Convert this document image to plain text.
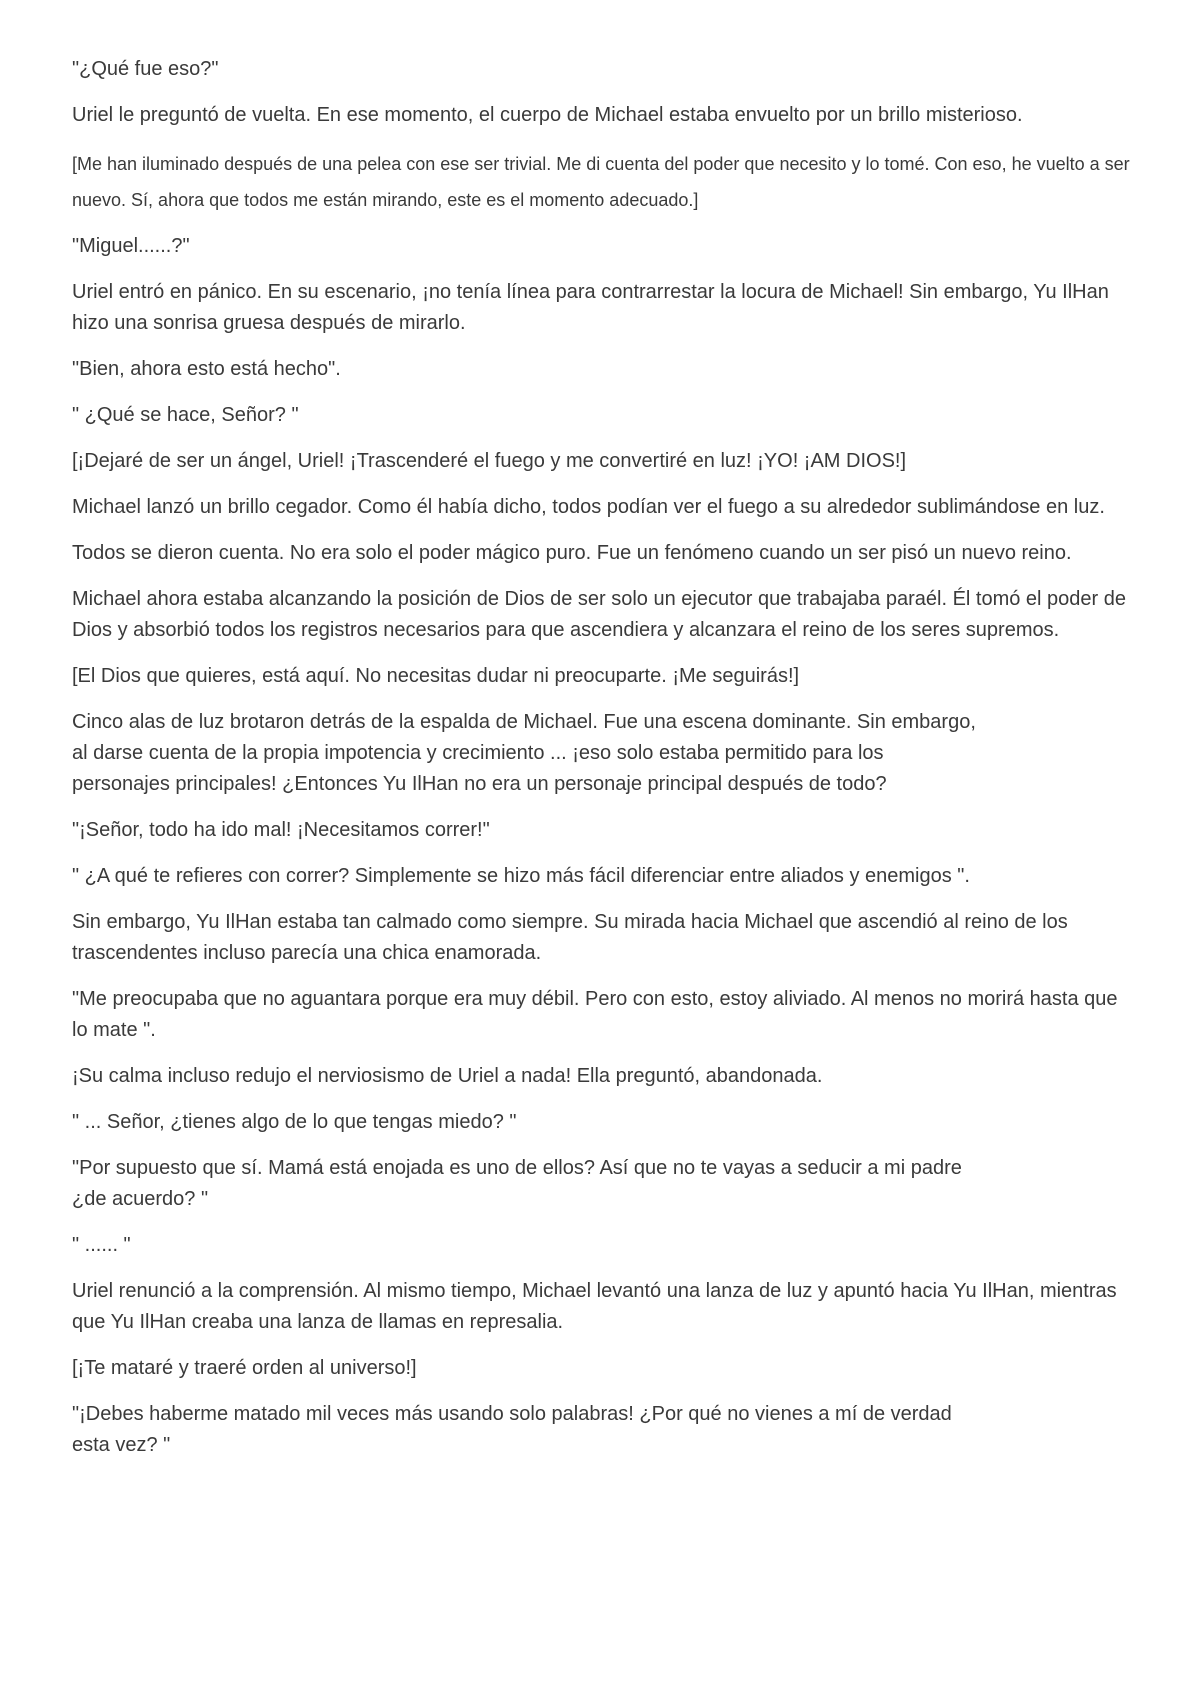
"¿Qué fue eso?"

Uriel le preguntó de vuelta. En ese momento, el cuerpo de Michael estaba envuelto por un brillo misterioso.

[Me han iluminado después de una pelea con ese ser trivial. Me di cuenta del poder que necesito y lo tomé. Con eso, he vuelto a ser nuevo. Sí, ahora que todos me están mirando, este es el momento adecuado.]

"Miguel......?"

Uriel entró en pánico. En su escenario, ¡no tenía línea para contrarrestar la locura de Michael! Sin embargo, Yu IlHan hizo una sonrisa gruesa después de mirarlo.

"Bien, ahora esto está hecho".

" ¿Qué se hace, Señor? "

[¡Dejaré de ser un ángel, Uriel! ¡Trascenderé el fuego y me convertiré en luz! ¡YO! ¡AM DIOS!]

Michael lanzó un brillo cegador. Como él había dicho, todos podían ver el fuego a su alrededor sublimándose en luz.

Todos se dieron cuenta. No era solo el poder mágico puro. Fue un fenómeno cuando un ser pisó un nuevo reino.

Michael ahora estaba alcanzando la posición de Dios de ser solo un ejecutor que trabajaba paraél. Él tomó el poder de Dios y absorbió todos los registros necesarios para que ascendiera y alcanzara el reino de los seres supremos.

[El Dios que quieres, está aquí. No necesitas dudar ni preocuparte. ¡Me seguirás!]

Cinco alas de luz brotaron detrás de la espalda de Michael. Fue una escena dominante. Sin embargo,
al darse cuenta de la propia impotencia y crecimiento ... ¡eso solo estaba permitido para los
personajes principales! ¿Entonces Yu IlHan no era un personaje principal después de todo?

"¡Señor, todo ha ido mal! ¡Necesitamos correr!"

" ¿A qué te refieres con correr? Simplemente se hizo más fácil diferenciar entre aliados y enemigos ".

Sin embargo, Yu IlHan estaba tan calmado como siempre. Su mirada hacia Michael que ascendió al reino de los trascendentes incluso parecía una chica enamorada.

"Me preocupaba que no aguantara porque era muy débil. Pero con esto, estoy aliviado. Al menos no morirá hasta que lo mate ".

¡Su calma incluso redujo el nerviosismo de Uriel a nada! Ella preguntó, abandonada.

" ... Señor, ¿tienes algo de lo que tengas miedo? "

"Por supuesto que sí. Mamá está enojada es uno de ellos? Así que no te vayas a seducir a mi padre
¿de acuerdo? "

" ...... "

Uriel renunció a la comprensión. Al mismo tiempo, Michael levantó una lanza de luz y apuntó hacia Yu IlHan, mientras que Yu IlHan creaba una lanza de llamas en represalia.

[¡Te mataré y traeré orden al universo!]

"¡Debes haberme matado mil veces más usando solo palabras! ¿Por qué no vienes a mí de verdad
esta vez? "
